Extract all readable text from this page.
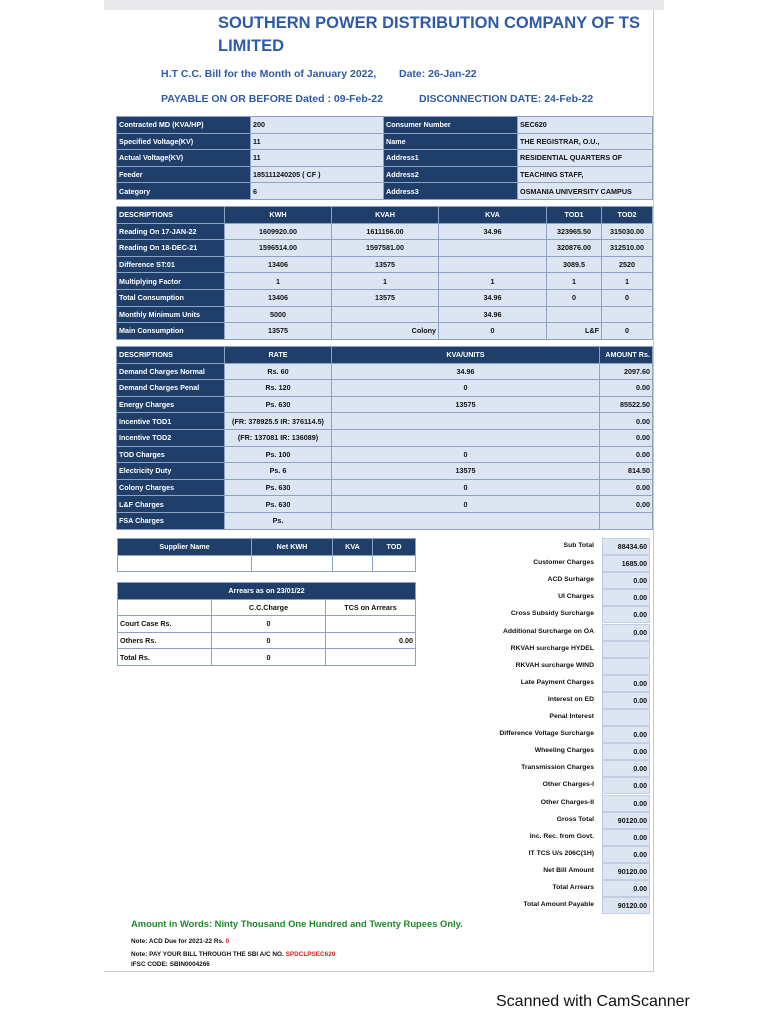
SOUTHERN POWER DISTRIBUTION COMPANY OF TS LIMITED
H.T C.C. Bill for the Month of January 2022, Date: 26-Jan-22
PAYABLE ON OR BEFORE Dated : 09-Feb-22	DISCONNECTION DATE: 24-Feb-22
Contracted MD (KVA/HP)	200	Consumer Number	SEC620
Specified Voltage(KV)	11	Name	THE REGISTRAR, O.U.,
Actual Voltage(KV)	11	Address1	RESIDENTIAL QUARTERS OF
Feeder	185111240205 ( CF )	Address2	TEACHING STAFF,
Category	6	Address3	OSMANIA UNIVERSITY CAMPUS
DESCRIPTIONS	KWH	KVAH	KVA	TOD1	TOD2
Reading On 17-JAN-22	1609920.00	1611156.00	34.96	323965.50	315030.00
Reading On 18-DEC-21	1596514.00	1597581.00		320876.00	312510.00
Difference ST:01	13406	13575		3089.5	2520
Multiplying Factor	1	1	1	1	1
Total Consumption	13406	13575	34.96	0	0
Monthly Minimum Units	5000		34.96		
Main Consumption	13575	Colony	0	L&F	0
DESCRIPTIONS	RATE	KVA/UNITS	AMOUNT Rs.
Demand Charges Normal	Rs. 60	34.96	2097.60
Demand Charges Penal	Rs. 120	0	0.00
Energy Charges	Ps. 630	13575	85522.50
Incentive TOD1	(FR: 378925.5 IR: 376114.5)		0.00
Incentive TOD2	(FR: 137081 IR: 136089)		0.00
TOD Charges	Ps. 100	0	0.00
Electricity Duty	Ps. 6	13575	814.50
Colony Charges	Ps. 630	0	0.00
L&F Charges	Ps. 630	0	0.00
FSA Charges	Ps.		
Supplier Name	Net KWH	KVA	TOD

Arrears as on 23/01/22		
	C.C.Charge	TCS on Arrears
Court Case Rs.	0	
Others Rs.	0	0.00
Total Rs.	0	
Sub Total	88434.60
Customer Charges	1685.00
ACD Surharge	0.00
UI Charges	0.00
Cross Subsidy Surcharge	0.00
Additional Surcharge on OA	0.00
RKVAH surcharge HYDEL
RKVAH surcharge WIND
Late Payment Charges	0.00
Interest on ED	0.00
Penal Interest
Difference Voltage Surcharge	0.00
Wheeling Charges	0.00
Transmission Charges	0.00
Other Charges-I	0.00
Other Charges-II	0.00
Gross Total	90120.00
Inc. Rec. from Govt.	0.00
IT TCS U/s 206C(1H)	0.00
Net Bill Amount	90120.00
Total Arrears	0.00
Total Amount Payable	90120.00
Amount in Words: Ninty Thousand One Hundred and Twenty Rupees Only.
Note: ACD Due for 2021-22 Rs. 0
Note: PAY YOUR BILL THROUGH THE SBI A/C NO. SPDCLPSEC620
IFSC CODE: SBIN0004266
Scanned with CamScanner
